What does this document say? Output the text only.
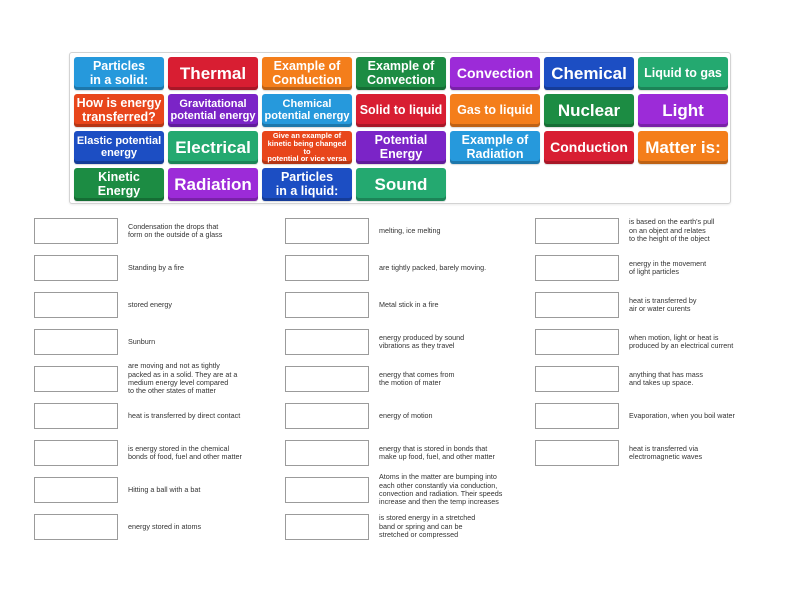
Particles
in a solid:	Thermal	Example of
Conduction
Example of
Convection	Convection	Chemical	Liquid to gas
How is energy
transferred?
Gravitational
potential energy
Chemical
potential energy Solid to liquid	Gas to liquid	Nuclear	Light
Elastic potential
energy	Electrical
Give an example of
kinetic being changed to
potential or vice versa
Potential
Energy
Example of
Radiation	Conduction	Matter is:
Kinetic
Energy	Radiation	Particles
in a liquid:	Sound
Condensation the drops that
form on the outside of a glass
Standing by a fire
stored energy
Sunburn
are moving and not as tightly
packed as in a solid. They are at a
medium energy level compared
to the other states of matter
heat is transferred by direct contact
is energy stored in the chemical
bonds of food, fuel and other matter
Hitting a ball with a bat
energy stored in atoms
melting, ice melting
are tightly packed, barely moving.
Metal stick in a fire
energy produced by sound
vibrations as they travel
energy that comes from
the motion of mater
energy of motion
energy that is stored in bonds that
make up food, fuel, and other matter
Atoms in the matter are bumping into
each other constantly via conduction,
convection and radiation. Their speeds
increase and then the temp increases
is stored energy in a stretched
band or spring and can be
stretched or compressed
is based on the earth's pull
on an object and relates
to the height of the object
energy in the movement
of light particles
heat is transferred by
air or water curents
when motion, light or heat is
produced by an electrical current
anything that has mass
and takes up space.
Evaporation, when you boil water
heat is transferred via
electromagnetic waves
